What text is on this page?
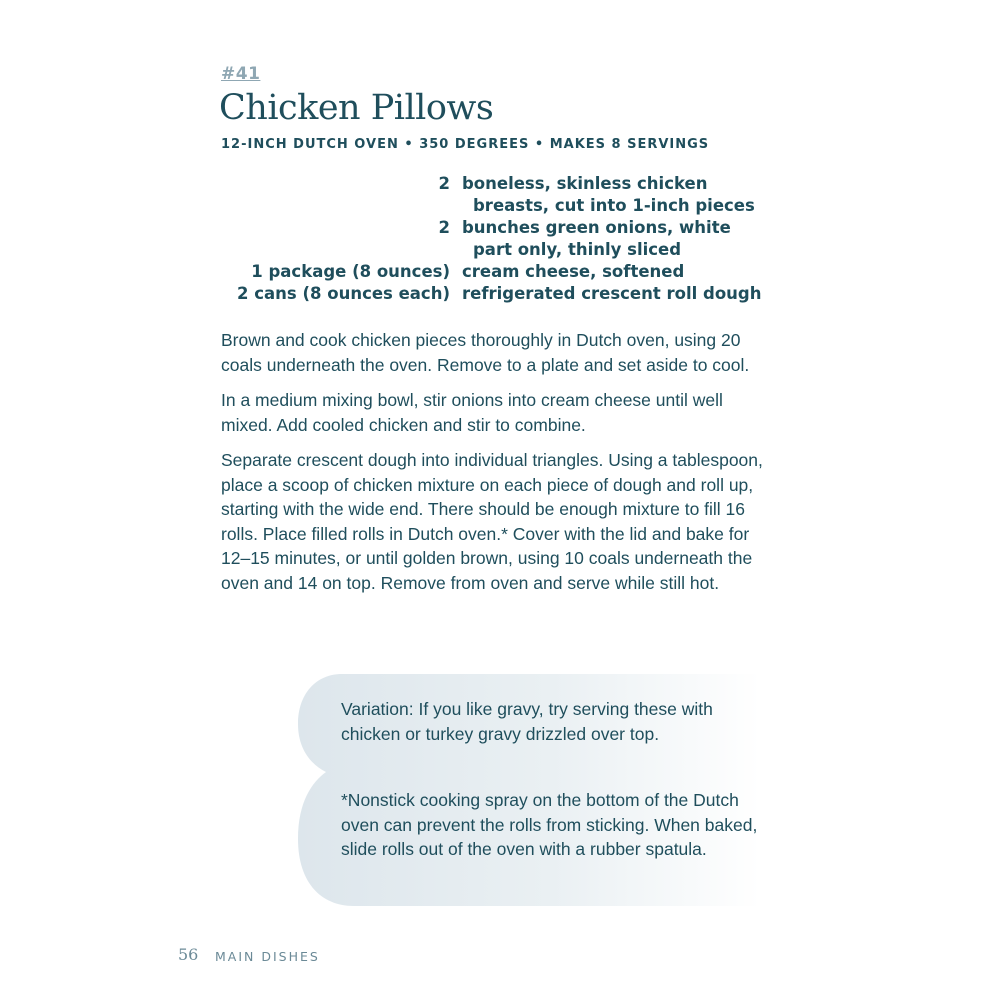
#41
Chicken Pillows
12-INCH DUTCH OVEN • 350 DEGREES • MAKES 8 SERVINGS
2 boneless, skinless chicken
breasts, cut into 1-inch pieces
2 bunches green onions, white
part only, thinly sliced
1 package (8 ounces) cream cheese, softened
2 cans (8 ounces each) refrigerated crescent roll dough

Brown and cook chicken pieces thoroughly in Dutch oven, using 20 coals underneath the oven. Remove to a plate and set aside to cool.

In a medium mixing bowl, stir onions into cream cheese until well mixed. Add cooled chicken and stir to combine.

Separate crescent dough into individual triangles. Using a tablespoon, place a scoop of chicken mixture on each piece of dough and roll up, starting with the wide end. There should be enough mixture to fill 16 rolls. Place filled rolls in Dutch oven.* Cover with the lid and bake for 12–15 minutes, or until golden brown, using 10 coals underneath the oven and 14 on top. Remove from oven and serve while still hot.

Variation: If you like gravy, try serving these with chicken or turkey gravy drizzled over top.
*Nonstick cooking spray on the bottom of the Dutch oven can prevent the rolls from sticking. When baked, slide rolls out of the oven with a rubber spatula.
56 MAIN DISHES
